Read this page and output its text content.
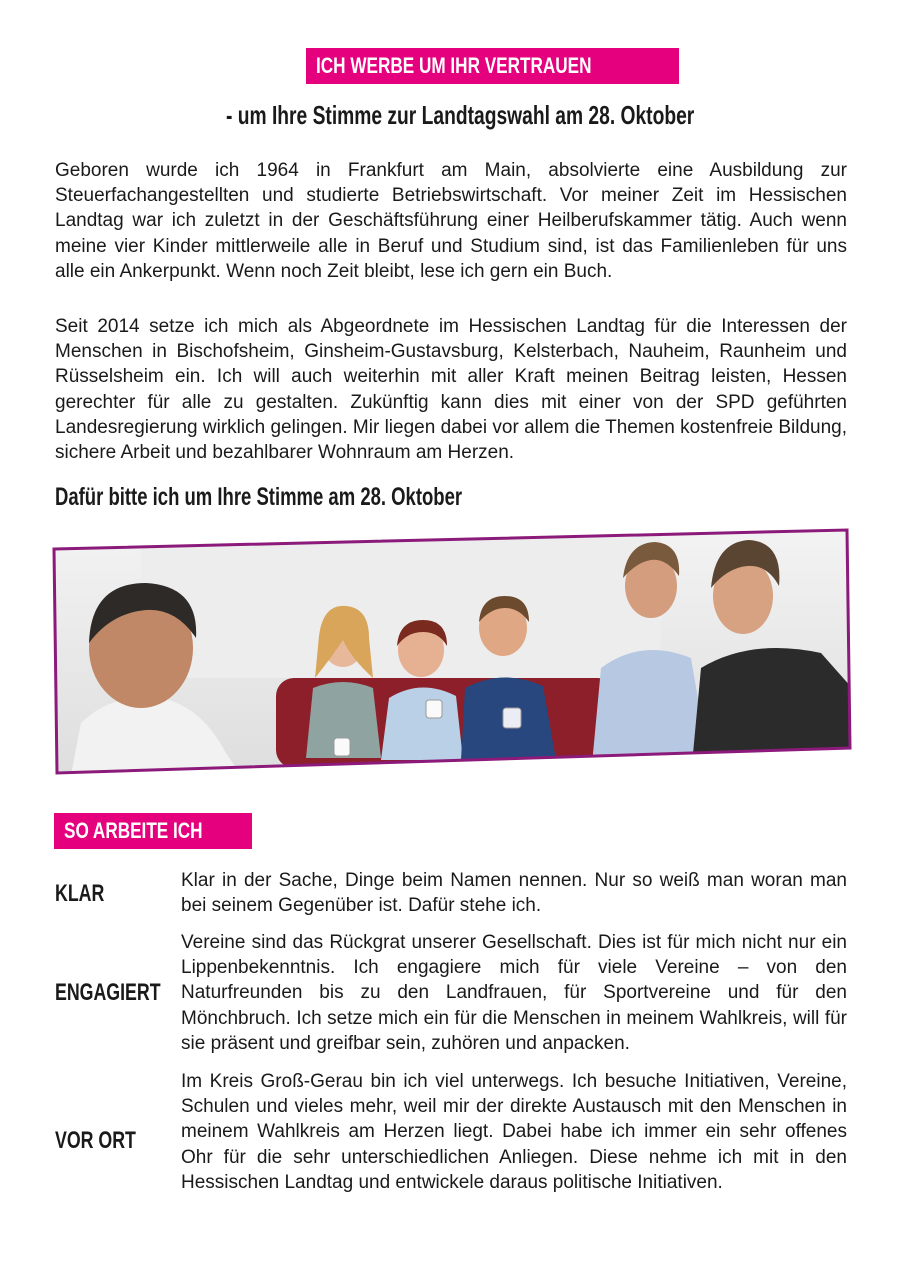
ICH WERBE UM IHR VERTRAUEN
- um Ihre Stimme zur Landtagswahl am 28. Oktober
Geboren wurde ich 1964 in Frankfurt am Main, absolvierte eine Ausbildung zur Steuerfachangestellten und studierte Betriebswirtschaft. Vor meiner Zeit im Hessischen Landtag war ich zuletzt in der Geschäftsführung einer Heilberufskammer tätig. Auch wenn meine vier Kinder mittlerweile alle in Beruf und Studium sind, ist das Familienleben für uns alle ein Ankerpunkt. Wenn noch Zeit bleibt, lese ich gern ein Buch.
Seit 2014 setze ich mich als Abgeordnete im Hessischen Landtag für die Interessen der Menschen in Bischofsheim, Ginsheim-Gustavsburg, Kelsterbach, Nauheim, Raunheim und Rüsselsheim ein. Ich will auch weiterhin mit aller Kraft meinen Beitrag leisten, Hessen gerechter für alle zu gestalten. Zukünftig kann dies mit einer von der SPD geführten Landesregierung wirklich gelingen. Mir liegen dabei vor allem die Themen kostenfreie Bildung, sichere Arbeit und bezahlbarer Wohnraum am Herzen.
Dafür bitte ich um Ihre Stimme am 28. Oktober
SO ARBEITE ICH
KLAR	Klar in der Sache, Dinge beim Namen nennen. Nur so weiß man woran man bei seinem Gegenüber ist. Dafür stehe ich.
ENGAGIERT
Vereine sind das Rückgrat unserer Gesellschaft. Dies ist für mich nicht nur ein Lippenbekenntnis. Ich engagiere mich für viele Vereine – von den Naturfreunden bis zu den Landfrauen, für Sportvereine und für den Mönchbruch. Ich setze mich ein für die Menschen in meinem Wahlkreis, will für sie präsent und greifbar sein, zuhören und anpacken.
VOR ORT
Im Kreis Groß-Gerau bin ich viel unterwegs. Ich besuche Initiativen, Vereine, Schulen und vieles mehr, weil mir der direkte Austausch mit den Menschen in meinem Wahlkreis am Herzen liegt. Dabei habe ich immer ein sehr offenes Ohr für die sehr unterschiedlichen Anliegen. Diese nehme ich mit in den Hessischen Landtag und entwickele daraus politische Initiativen.
